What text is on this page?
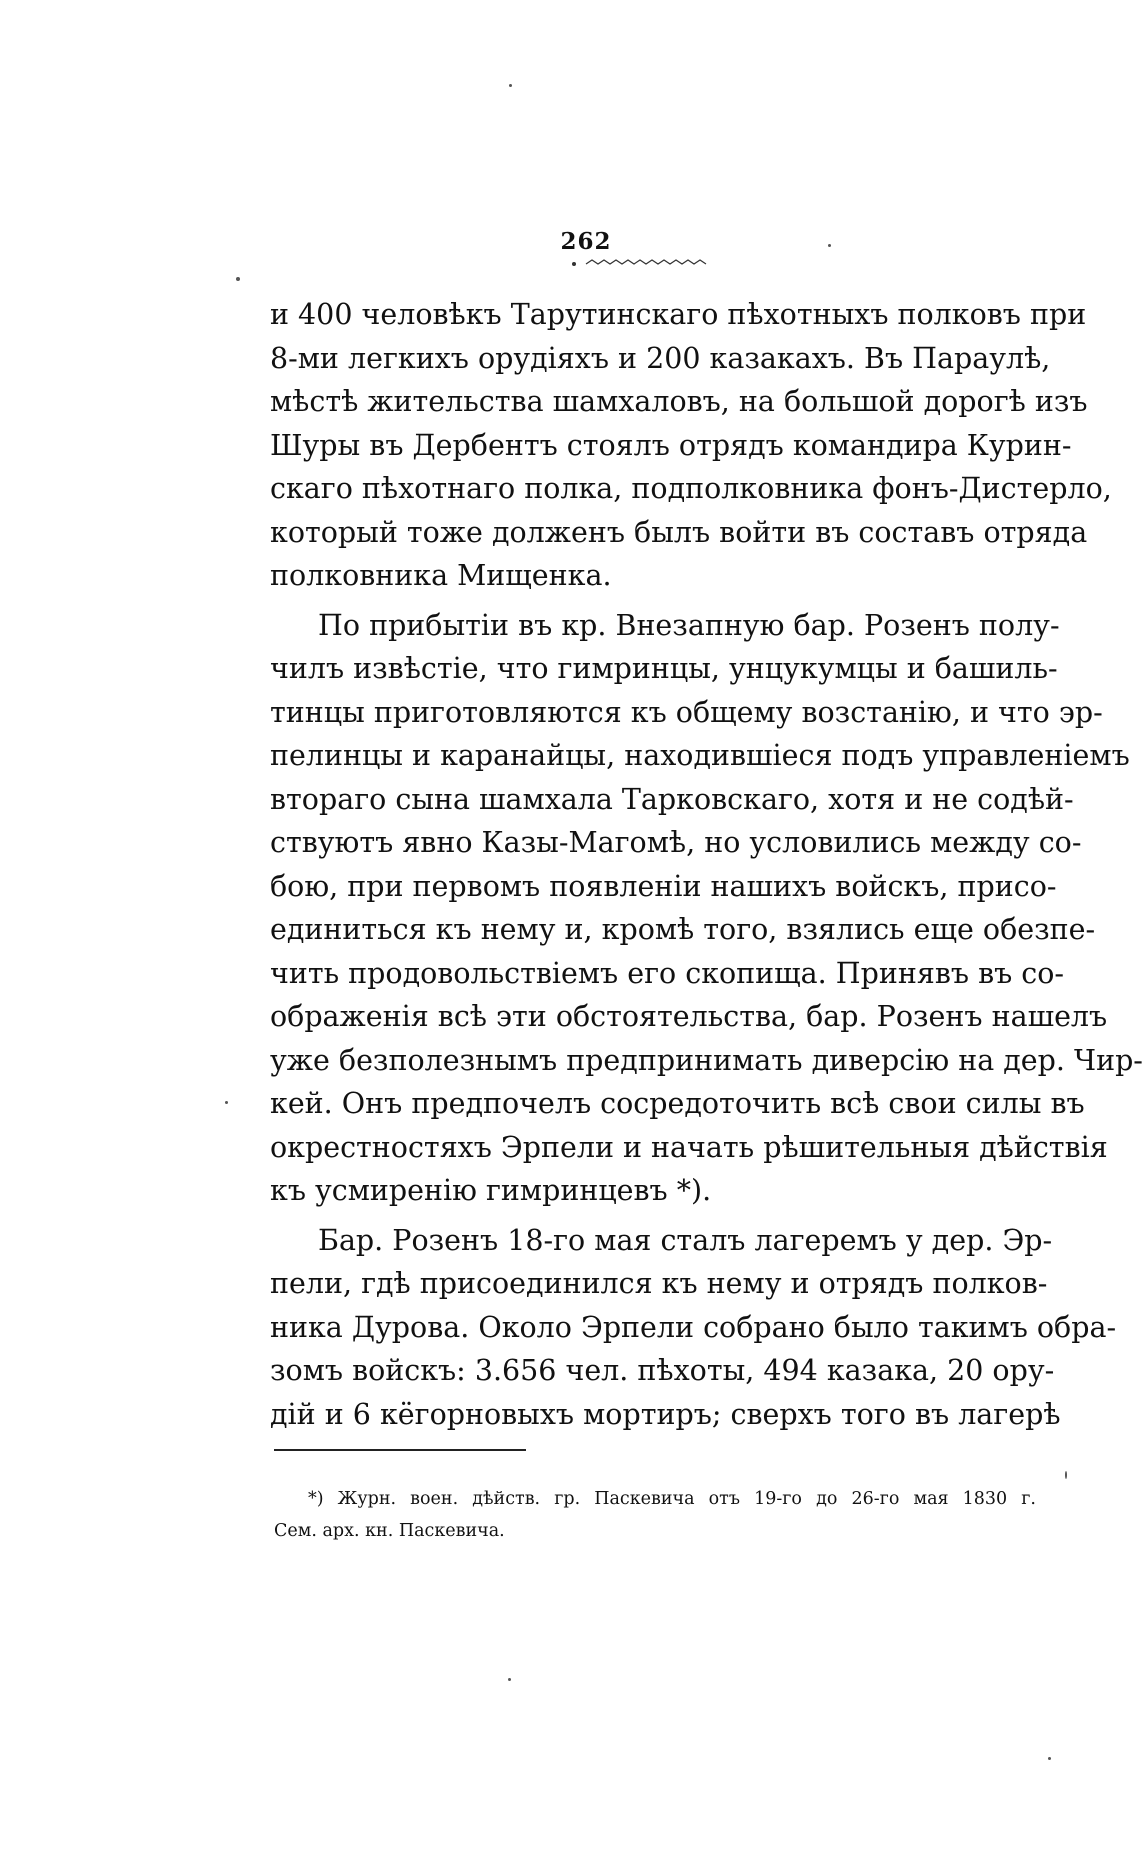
262
и 400 человѣкъ Тарутинскаго пѣхотныхъ полковъ при
8-ми легкихъ орудіяхъ и 200 казакахъ. Въ Параулѣ,
мѣстѣ жительства шамхаловъ, на большой дорогѣ изъ
Шуры въ Дербентъ стоялъ отрядъ командира Курин-
скаго пѣхотнаго полка, подполковника фонъ-Дистерло,
который тоже долженъ былъ войти въ составъ отряда
полковника Мищенка.
По прибытіи въ кр. Внезапную бар. Розенъ полу-
чилъ извѣстіе, что гимринцы, унцукумцы и башиль-
тинцы приготовляются къ общему возстанію, и что эр-
пелинцы и каранайцы, находившіеся подъ управленіемъ
втораго сына шамхала Тарковскаго, хотя и не содѣй-
ствуютъ явно Казы-Магомѣ, но условились между со-
бою, при первомъ появленіи нашихъ войскъ, присо-
единиться къ нему и, кромѣ того, взялись еще обезпе-
чить продовольствіемъ его скопища. Принявъ въ со-
ображенія всѣ эти обстоятельства, бар. Розенъ нашелъ
уже безполезнымъ предпринимать диверсію на дер. Чир-
кей. Онъ предпочелъ сосредоточить всѣ свои силы въ
окрестностяхъ Эрпели и начать рѣшительныя дѣйствія
къ усмиренію гимринцевъ *).
Бар. Розенъ 18-го мая сталъ лагеремъ у дер. Эр-
пели, гдѣ присоединился къ нему и отрядъ полков-
ника Дурова. Около Эрпели собрано было такимъ обра-
зомъ войскъ: 3.656 чел. пѣхоты, 494 казака, 20 ору-
дій и 6 кёгорновыхъ мортиръ; сверхъ того въ лагерѣ
*) Журн. воен. дѣйств. гр. Паскевича отъ 19-го до 26-го мая 1830 г.
Сем. арх. кн. Паскевича.
